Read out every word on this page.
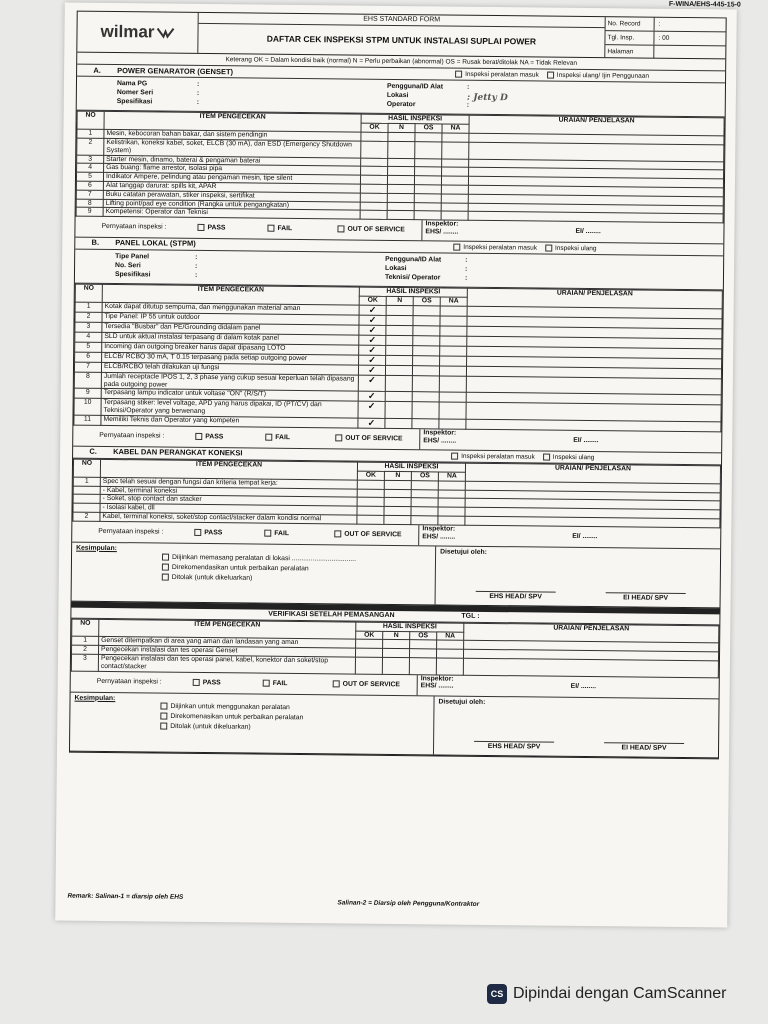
F-WINA/EHS-445-15-0
wilmar
EHS STANDARD FORM
DAFTAR CEK INSPEKSI STPM UNTUK INSTALASI SUPLAI POWER
No. Record	:
Tgl. Insp.	: 00
Halaman
Keterang OK = Dalam kondisi baik (normal) N = Perlu perbaikan (abnormal) OS = Rusak berat/ditolak NA = Tidak Relevan
A.	POWER GENARATOR (GENSET)	Inspeksi peralatan masuk	Inspeksi ulang/ Ijin Penggunaan
Nama PG	:
Nomer Seri	:
Spesifikasi	:
Pengguna/ID Alat	:
Lokasi	: Jetty D
Operator	:
NO	ITEM PENGECEKAN	HASIL INSPEKSI				URAIAN/ PENJELASAN
		OK	N	OS	NA	
1	Mesin, kebocoran bahan bakar, dan sistem pendingin					
2	Kelistrikan, koneksi kabel, soket, ELCB (30 mA), dan ESD (Emergency Shutdown System)					
3	Starter mesin, dinamo, baterai & pengaman baterai					
4	Gas buang: flame arrestor, isolasi pipa					
5	Indikator Ampere, pelindung atau pengaman mesin, tipe silent					
6	Alat tanggap darurat: spills kit, APAR					
7	Buku catatan perawatan, stiker inspeksi, sertifikat					
8	Lifting point/pad eye condition (Rangka untuk pengangkatan)					
9	Kompetensi: Operator dan Teknisi					
Pernyataan inspeksi :	PASS	FAIL	OUT OF SERVICE
Inspektor:
EHS/ ........	EI/ ........
B.	PANEL LOKAL (STPM)	Inspeksi peralatan masuk	Inspeksi ulang
Tipe Panel	:
No. Seri	:
Spesifikasi	:
Pengguna/ID Alat	:
Lokasi	:
Teknisi/ Operator	:
NO	ITEM PENGECEKAN	HASIL INSPEKSI				URAIAN/ PENJELASAN
		OK	N	OS	NA	
1	Kotak dapat ditutup sempurna, dan menggunakan material aman	✓				
2	Tipe Panel: IP 55 untuk outdoor	✓				
3	Tersedia "Busbar" dan PE/Grounding didalam panel	✓				
4	SLD untuk aktual instalasi terpasang di dalam kotak panel	✓				
5	Incoming dan outgoing breaker harus dapat dipasang LOTO	✓				
6	ELCB/ RCBO 30 mA, T 0.15 terpasang pada setiap outgoing power	✓				
7	ELCB/RCBO telah dilakukan uji fungsi	✓				
8	Jumlah receptacle IPOS 1, 2, 3 phase yang cukup sesuai keperluan telah dipasang pada outgoing power	✓				
9	Terpasang lampu indicator untuk voltase "ON" (R/S/T)	✓				
10	Terpasang stiker: level voltage, APD yang harus dipakai, ID (PT/CV) dan Teknisi/Operator yang berwenang	✓				
11	Memiliki Teknis dan Operator yang kompeten	✓				
Pernyataan inspeksi :	PASS	FAIL	OUT OF SERVICE
Inspektor:
EHS/ ........	EI/ ........
C.	KABEL DAN PERANGKAT KONEKSI	Inspeksi peralatan masuk	Inspeksi ulang
NO	ITEM PENGECEKAN	HASIL INSPEKSI				URAIAN/ PENJELASAN
		OK	N	OS	NA	
1	Spec telah sesuai dengan fungsi dan kriteria tempat kerja:					
	- Kabel, terminal koneksi					
	- Soket, stop contact dan stacker					
	- Isolasi kabel, dll					
2	Kabel, terminal koneksi, soket/stop contact/stacker dalam kondisi normal					
Pernyataan inspeksi :	PASS	FAIL	OUT OF SERVICE
Inspektor:
EHS/ ........	EI/ ........
Kesimpulan:
Diijinkan memasang peralatan di lokasi ..................................
Direkomendasikan untuk perbaikan peralatan
Ditolak (untuk dikeluarkan)
Disetujui oleh:
EHS HEAD/ SPV	EI HEAD/ SPV
VERIFIKASI SETELAH PEMASANGAN	TGL :
NO	ITEM PENGECEKAN	HASIL INSPEKSI				URAIAN/ PENJELASAN
		OK	N	OS	NA	
1	Genset ditempatkan di area yang aman dan landasan yang aman					
2	Pengecekan instalasi dan tes operasi Genset					
3	Pengecekan instalasi dan tes operasi panel, kabel, konektor dan soket/stop contact/stacker					
Pernyataan inspeksi :	PASS	FAIL	OUT OF SERVICE
Inspektor:
EHS/ ........	EI/ ........
Kesimpulan:
Diijinkan untuk menggunakan peralatan
Direkomenasikan untuk perbaikan peralatan
Ditolak (untuk dikeluarkan)
Disetujui oleh:
EHS HEAD/ SPV	EI HEAD/ SPV
Remark: Salinan-1 = diarsip oleh EHS
Salinan-2 = Diarsip oleh Pengguna/Kontraktor
CS Dipindai dengan CamScanner
